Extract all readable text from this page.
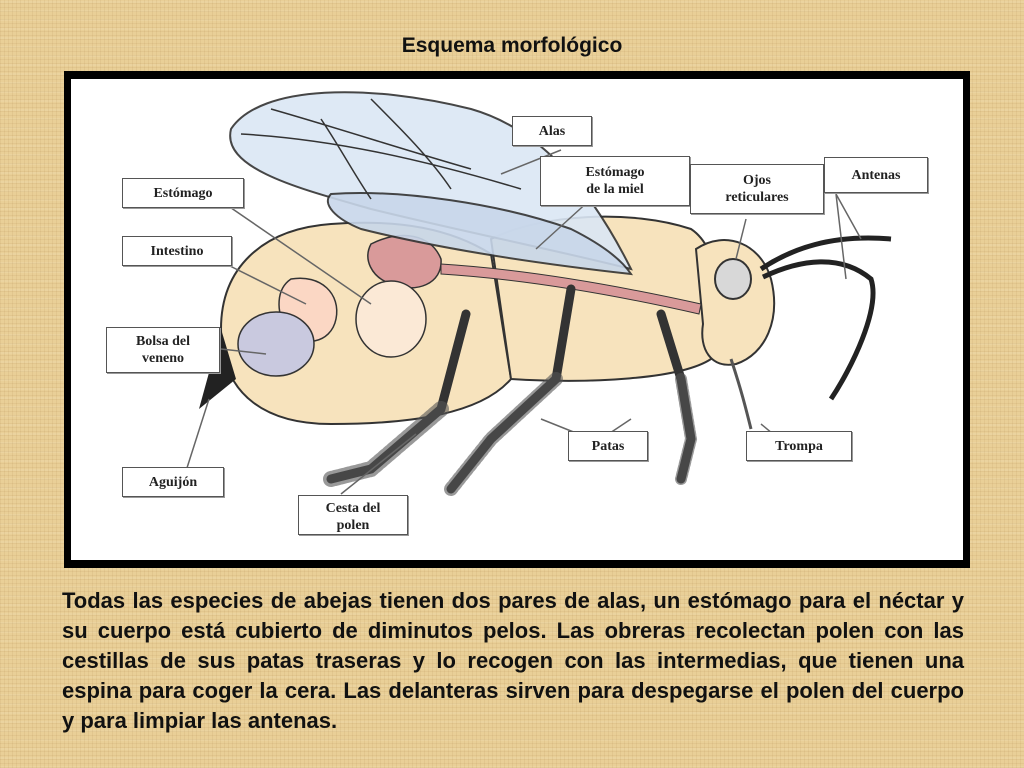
Esquema morfológico
Alas
Estómago
de la miel
Ojos
reticulares
Antenas
Estómago
Intestino
Bolsa del
veneno
Aguijón
Cesta del
polen
Patas	Trompa
Todas las especies de abejas tienen dos pares de alas, un estómago para el néctar y su cuerpo está cubierto de diminutos pelos. Las obreras recolectan polen con las cestillas de sus patas traseras y lo recogen con las intermedias, que tienen una espina para coger la cera. Las delanteras sirven para despegarse el polen del cuerpo y para limpiar las antenas.
